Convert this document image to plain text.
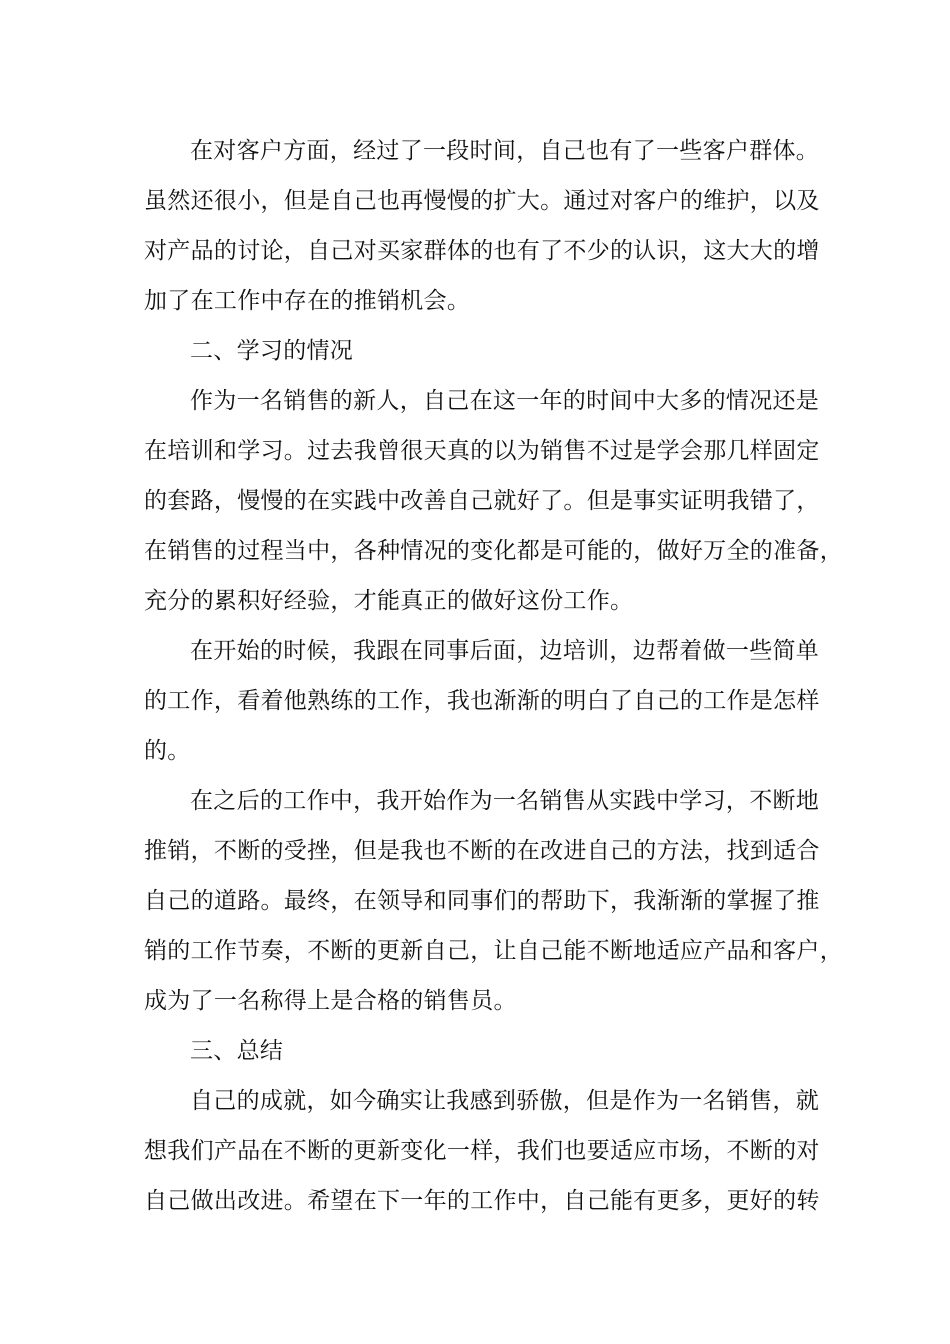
在对客户方面，经过了一段时间，自己也有了一些客户群体。
虽然还很小，但是自己也再慢慢的扩大。通过对客户的维护，以及
对产品的讨论，自己对买家群体的也有了不少的认识，这大大的增
加了在工作中存在的推销机会。
二、学习的情况
作为一名销售的新人，自己在这一年的时间中大多的情况还是
在培训和学习。过去我曾很天真的以为销售不过是学会那几样固定
的套路，慢慢的在实践中改善自己就好了。但是事实证明我错了，
在销售的过程当中，各种情况的变化都是可能的，做好万全的准备，
充分的累积好经验，才能真正的做好这份工作。
在开始的时候，我跟在同事后面，边培训，边帮着做一些简单
的工作，看着他熟练的工作，我也渐渐的明白了自己的工作是怎样
的。
在之后的工作中，我开始作为一名销售从实践中学习，不断地
推销，不断的受挫，但是我也不断的在改进自己的方法，找到适合
自己的道路。最终，在领导和同事们的帮助下，我渐渐的掌握了推
销的工作节奏，不断的更新自己，让自己能不断地适应产品和客户，
成为了一名称得上是合格的销售员。
三、总结
自己的成就，如今确实让我感到骄傲，但是作为一名销售，就
想我们产品在不断的更新变化一样，我们也要适应市场，不断的对
自己做出改进。希望在下一年的工作中，自己能有更多，更好的转
